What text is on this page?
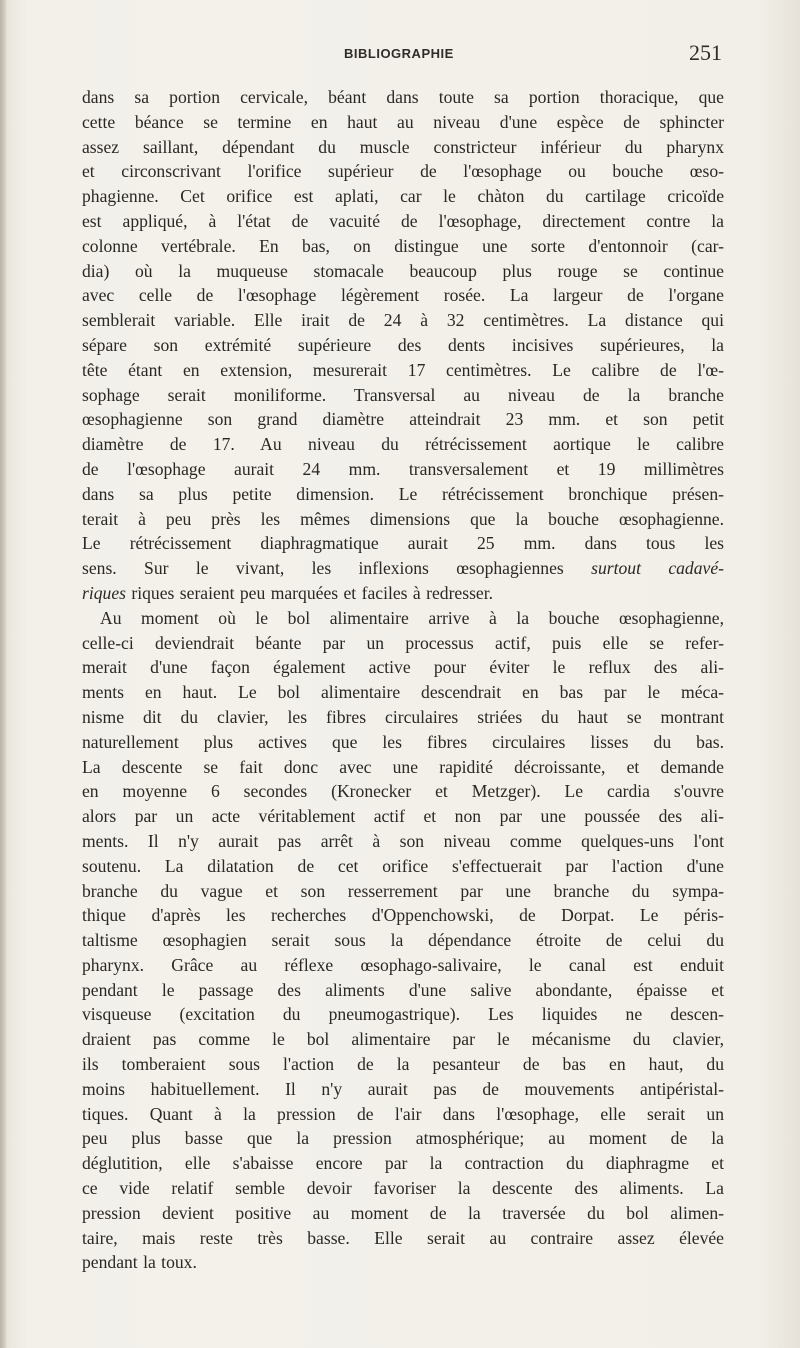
BIBLIOGRAPHIE	251
dans sa portion cervicale, béant dans toute sa portion thoracique, que
cette béance se termine en haut au niveau d'une espèce de sphincter
assez saillant, dépendant du muscle constricteur inférieur du pharynx
et circonscrivant l'orifice supérieur de l'œsophage ou bouche œso-
phagienne. Cet orifice est aplati, car le chàton du cartilage cricoïde
est appliqué, à l'état de vacuité de l'œsophage, directement contre la
colonne vertébrale. En bas, on distingue une sorte d'entonnoir (car-
dia) où la muqueuse stomacale beaucoup plus rouge se continue
avec celle de l'œsophage légèrement rosée. La largeur de l'organe
semblerait variable. Elle irait de 24 à 32 centimètres. La distance qui
sépare son extrémité supérieure des dents incisives supérieures, la
tête étant en extension, mesurerait 17 centimètres. Le calibre de l'œ-
sophage serait moniliforme. Transversal au niveau de la branche
œsophagienne son grand diamètre atteindrait 23 mm. et son petit
diamètre de 17. Au niveau du rétrécissement aortique le calibre
de l'œsophage aurait 24 mm. transversalement et 19 millimètres
dans sa plus petite dimension. Le rétrécissement bronchique présen-
terait à peu près les mêmes dimensions que la bouche œsophagienne.
Le rétrécissement diaphragmatique aurait 25 mm. dans tous les
sens. Sur le vivant, les inflexions œsophagiennes surtout cadavé-
riques riques seraient peu marquées et faciles à redresser.
Au moment où le bol alimentaire arrive à la bouche œsophagienne,
celle-ci deviendrait béante par un processus actif, puis elle se refer-
merait d'une façon également active pour éviter le reflux des ali-
ments en haut. Le bol alimentaire descendrait en bas par le méca-
nisme dit du clavier, les fibres circulaires striées du haut se montrant
naturellement plus actives que les fibres circulaires lisses du bas.
La descente se fait donc avec une rapidité décroissante, et demande
en moyenne 6 secondes (Kronecker et Metzger). Le cardia s'ouvre
alors par un acte véritablement actif et non par une poussée des ali-
ments. Il n'y aurait pas arrêt à son niveau comme quelques-uns l'ont
soutenu. La dilatation de cet orifice s'effectuerait par l'action d'une
branche du vague et son resserrement par une branche du sympa-
thique d'après les recherches d'Oppenchowski, de Dorpat. Le péris-
taltisme œsophagien serait sous la dépendance étroite de celui du
pharynx. Grâce au réflexe œsophago-salivaire, le canal est enduit
pendant le passage des aliments d'une salive abondante, épaisse et
visqueuse (excitation du pneumogastrique). Les liquides ne descen-
draient pas comme le bol alimentaire par le mécanisme du clavier,
ils tomberaient sous l'action de la pesanteur de bas en haut, du
moins habituellement. Il n'y aurait pas de mouvements antipéristal-
tiques. Quant à la pression de l'air dans l'œsophage, elle serait un
peu plus basse que la pression atmosphérique; au moment de la
déglutition, elle s'abaisse encore par la contraction du diaphragme et
ce vide relatif semble devoir favoriser la descente des aliments. La
pression devient positive au moment de la traversée du bol alimen-
taire, mais reste très basse. Elle serait au contraire assez élevée
pendant la toux.
